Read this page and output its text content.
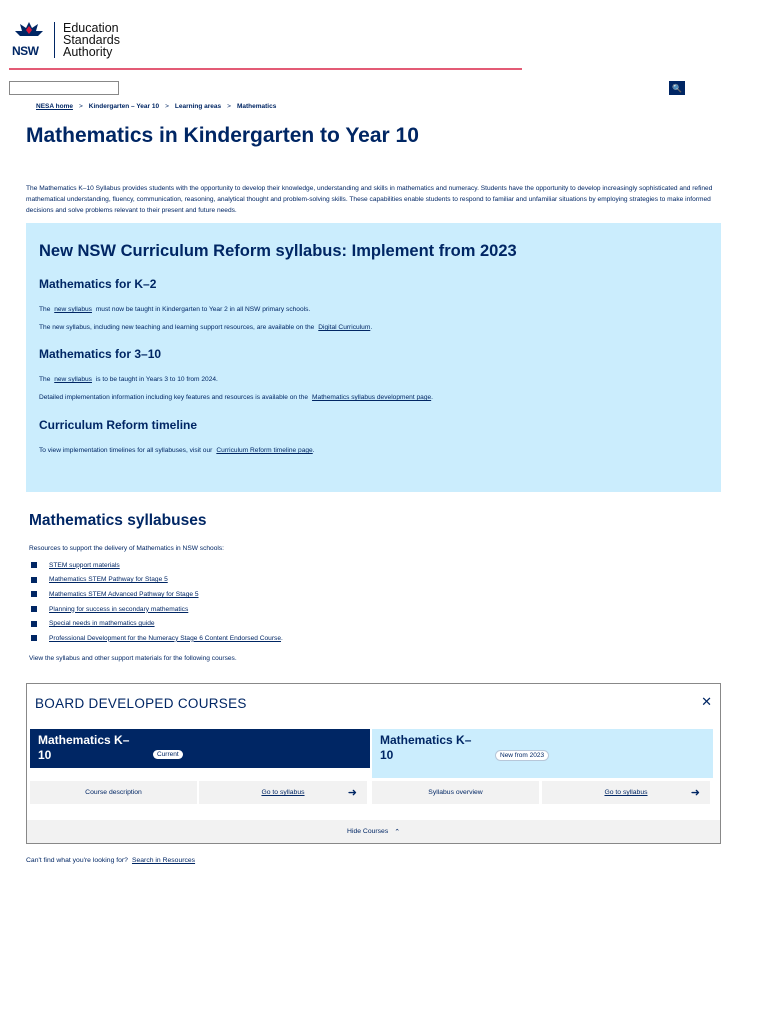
NSW
Education
Standards
Authority
🔍
NESA home > Kindergarten – Year 10 > Learning areas > Mathematics
Mathematics in Kindergarten to Year 10

The Mathematics K–10 Syllabus provides students with the opportunity to develop their knowledge, understanding and skills in mathematics and numeracy. Students have the opportunity to develop increasingly sophisticated and refined mathematical understanding, fluency, communication, reasoning, analytical thought and problem-solving skills. These capabilities enable students to respond to familiar and unfamiliar situations by employing strategies to make informed decisions and solve problems relevant to their present and future needs.

New NSW Curriculum Reform syllabus: Implement from 2023
Mathematics for K–2

The new syllabus must now be taught in Kindergarten to Year 2 in all NSW primary schools.

The new syllabus, including new teaching and learning support resources, are available on the Digital Curriculum.

Mathematics for 3–10

The new syllabus is to be taught in Years 3 to 10 from 2024.

Detailed implementation information including key features and resources is available on the Mathematics syllabus development page.

Curriculum Reform timeline

To view implementation timelines for all syllabuses, visit our Curriculum Reform timeline page.

Mathematics syllabuses

Resources to support the delivery of Mathematics in NSW schools:

STEM support materials
Mathematics STEM Pathway for Stage 5
Mathematics STEM Advanced Pathway for Stage 5
Planning for success in secondary mathematics
Special needs in mathematics guide
Professional Development for the Numeracy Stage 6 Content Endorsed Course .

View the syllabus and other support materials for the following courses.

BOARD DEVELOPED COURSES	✕
Mathematics K–10	Current
Mathematics K–10	New from 2023
Course description	Go to syllabus	➜	Syllabus overview	Go to syllabus	➜
Hide Courses ⌃

Can't find what you're looking for? Search in Resources
